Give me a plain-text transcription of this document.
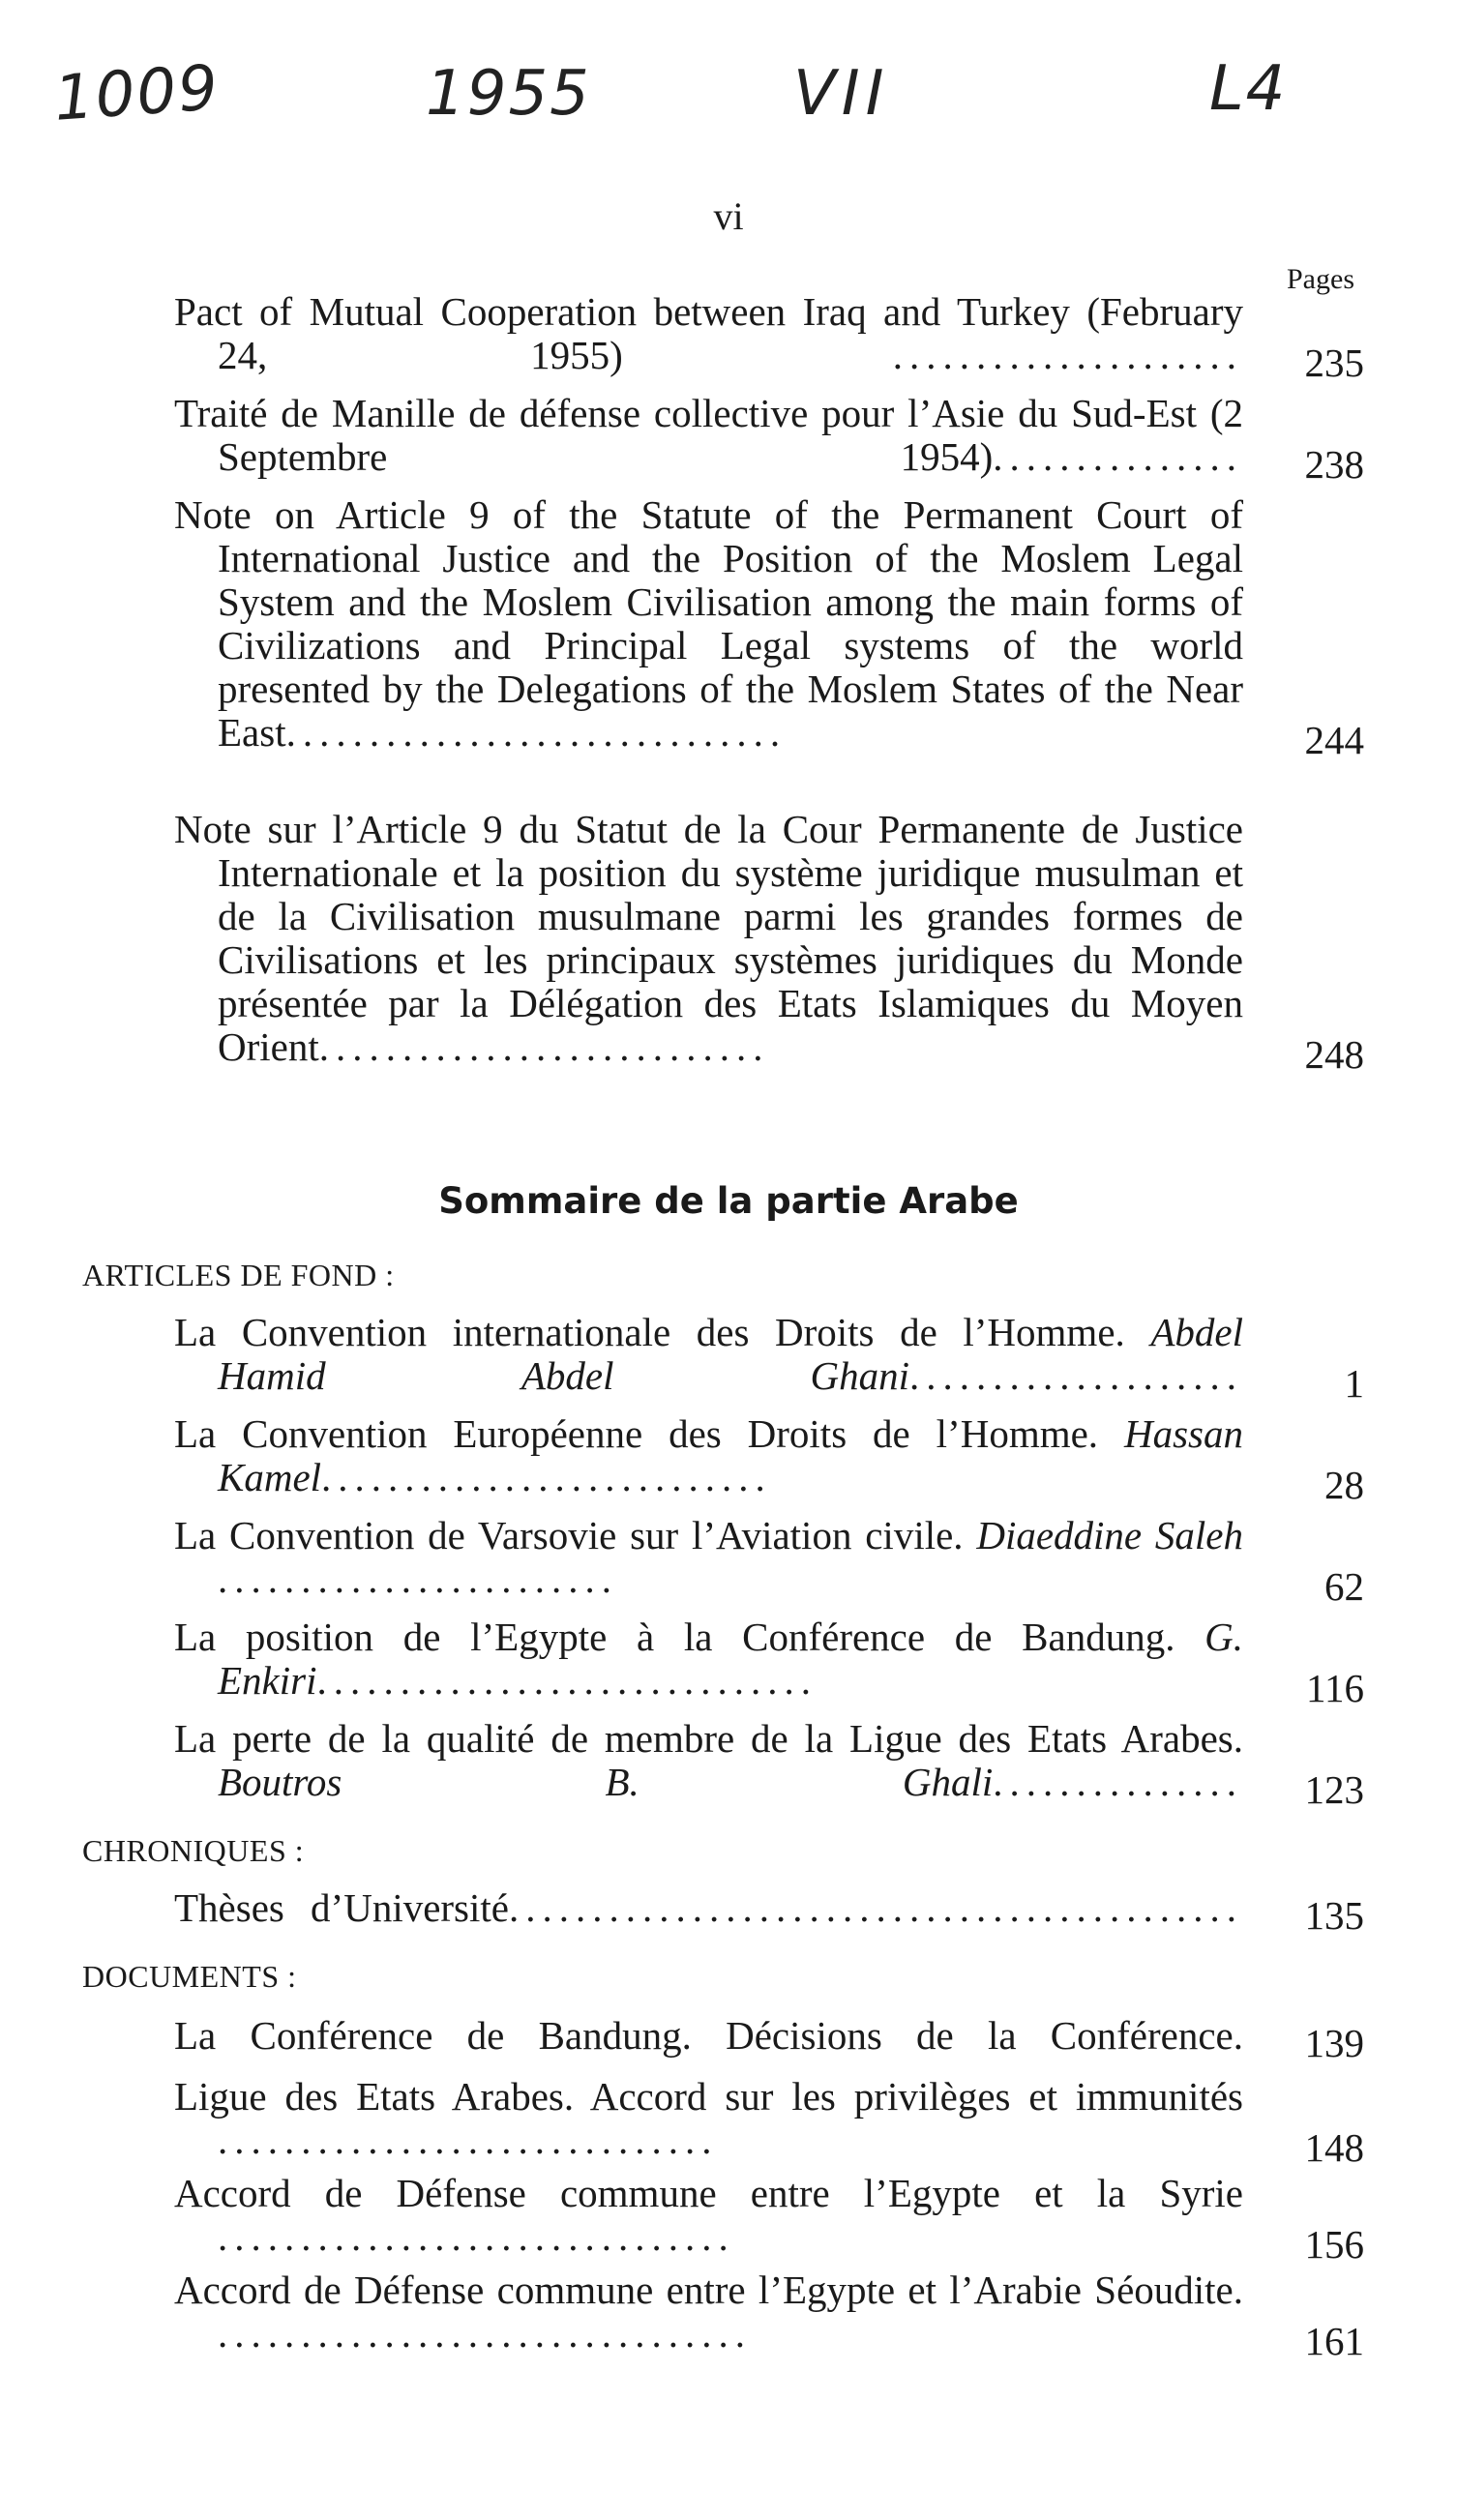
1009	1955	VII	L4
vi
Pages
Pact of Mutual Cooperation between Iraq and Turkey (February 24, 1955) ..................... 235
Traité de Manille de défense collective pour l’Asie du Sud-Est (2 Septembre 1954)............... 238
Note on Article 9 of the Statute of the Permanent Court of International Justice and the Position of the Moslem Legal System and the Moslem Civilisation among the main forms of Civilizations and Principal Legal systems of the world presented by the Delegations of the Moslem States of the Near East..............................	244
Note sur l’Article 9 du Statut de la Cour Permanente de Justice Internationale et la position du système juridique musulman et de la Civilisation musulmane parmi les grandes formes de Civilisations et les principaux systèmes juridiques du Monde présentée par la Délégation des Etats Islamiques du Moyen Orient...........................	248
Sommaire de la partie Arabe
ARTICLES DE FOND :
La Convention internationale des Droits de l’Homme. Abdel Hamid Abdel Ghani....................	1
La Convention Européenne des Droits de l’Homme. Hassan Kamel...........................	28
La Convention de Varsovie sur l’Aviation civile. Diaeddine Saleh ........................	62
La position de l’Egypte à la Conférence de Bandung. G. Enkiri..............................	116
La perte de la qualité de membre de la Ligue des Etats Arabes. Boutros B. Ghali............... 123
CHRONIQUES :
Thèses d’Université............................................ 135
DOCUMENTS :
La Conférence de Bandung. Décisions de la Conférence. 139
Ligue des Etats Arabes. Accord sur les privilèges et immunités ..............................	148
Accord de Défense commune entre l’Egypte et la Syrie ...............................	156
Accord de Défense commune entre l’Egypte et l’Arabie Séoudite. ................................	161
